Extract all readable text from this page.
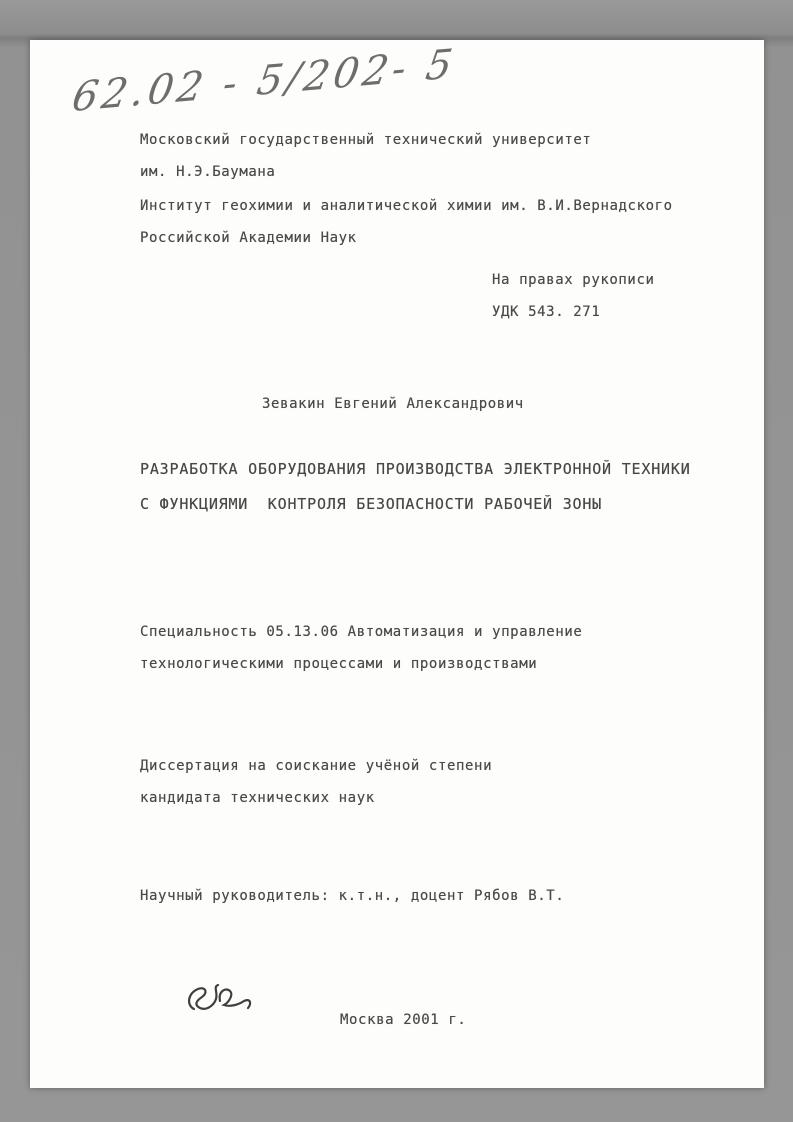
62.02 - 5/202- 5
Московский государственный технический университет
им. Н.Э.Баумана
Институт геохимии и аналитической химии им. В.И.Вернадского
Российской Академии Наук
На правах рукописи
УДК 543. 271
Зевакин Евгений Александрович
РАЗРАБОТКА ОБОРУДОВАНИЯ ПРОИЗВОДСТВА ЭЛЕКТРОННОЙ ТЕХНИКИ
С ФУНКЦИЯМИ  КОНТРОЛЯ БЕЗОПАСНОСТИ РАБОЧЕЙ ЗОНЫ
Специальность 05.13.06 Автоматизация и управление
технологическими процессами и производствами
Диссертация на соискание учёной степени
кандидата технических наук
Научный руководитель: к.т.н., доцент Рябов В.Т.
Москва 2001 г.
